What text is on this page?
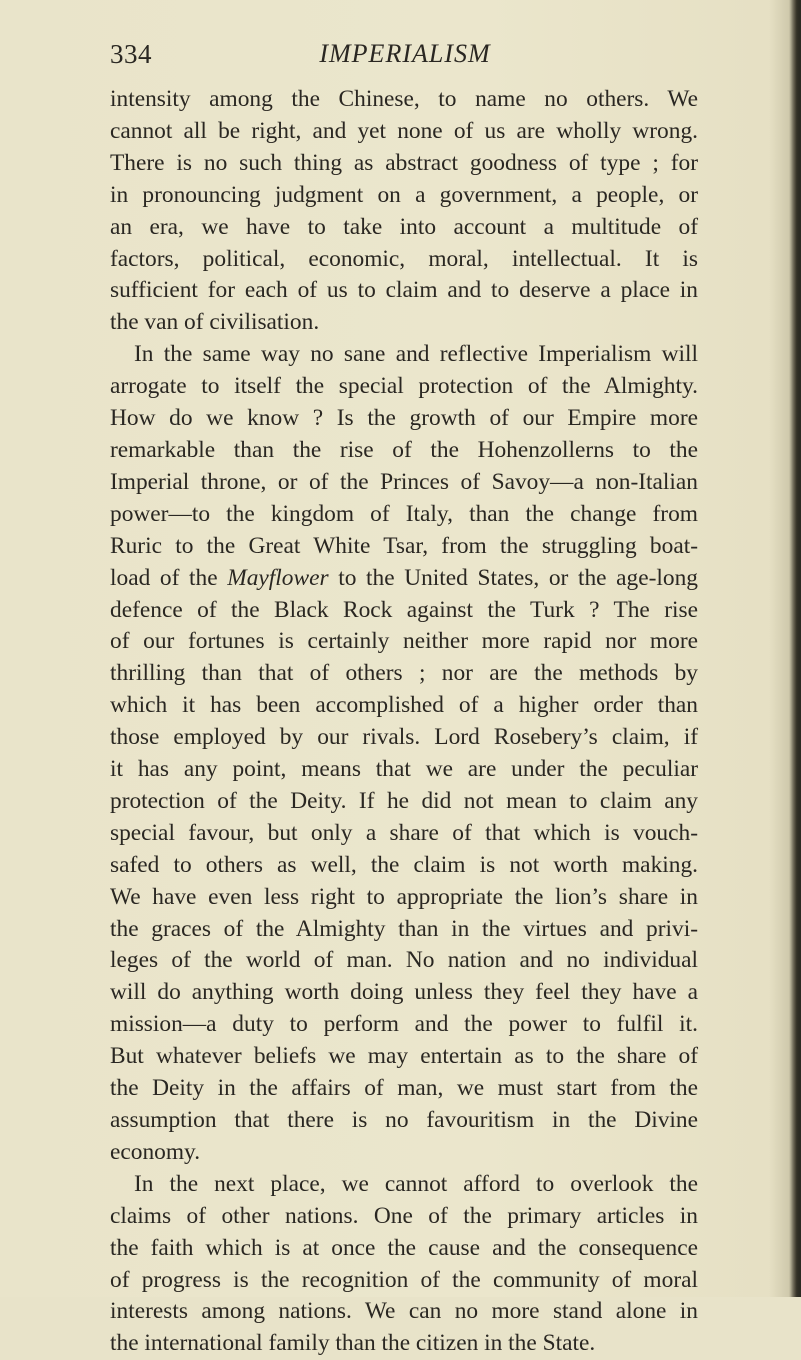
334	IMPERIALISM

intensity among the Chinese, to name no others. We

cannot all be right, and yet none of us are wholly wrong.

There is no such thing as abstract goodness of type ; for

in pronouncing judgment on a government, a people, or

an era, we have to take into account a multitude of

factors, political, economic, moral, intellectual. It is

sufficient for each of us to claim and to deserve a place in

the van of civilisation.

In the same way no sane and reflective Imperialism will

arrogate to itself the special protection of the Almighty.

How do we know ? Is the growth of our Empire more

remarkable than the rise of the Hohenzollerns to the

Imperial throne, or of the Princes of Savoy—a non-Italian

power—to the kingdom of Italy, than the change from

Ruric to the Great White Tsar, from the struggling boat-

load of the Mayflower to the United States, or the age-long

defence of the Black Rock against the Turk ? The rise

of our fortunes is certainly neither more rapid nor more

thrilling than that of others ; nor are the methods by

which it has been accomplished of a higher order than

those employed by our rivals. Lord Rosebery’s claim, if

it has any point, means that we are under the peculiar

protection of the Deity. If he did not mean to claim any

special favour, but only a share of that which is vouch-

safed to others as well, the claim is not worth making.

We have even less right to appropriate the lion’s share in

the graces of the Almighty than in the virtues and privi-

leges of the world of man. No nation and no individual

will do anything worth doing unless they feel they have a

mission—a duty to perform and the power to fulfil it.

But whatever beliefs we may entertain as to the share of

the Deity in the affairs of man, we must start from the

assumption that there is no favouritism in the Divine

economy.

In the next place, we cannot afford to overlook the

claims of other nations. One of the primary articles in

the faith which is at once the cause and the consequence

of progress is the recognition of the community of moral

interests among nations. We can no more stand alone in

the international family than the citizen in the State.
